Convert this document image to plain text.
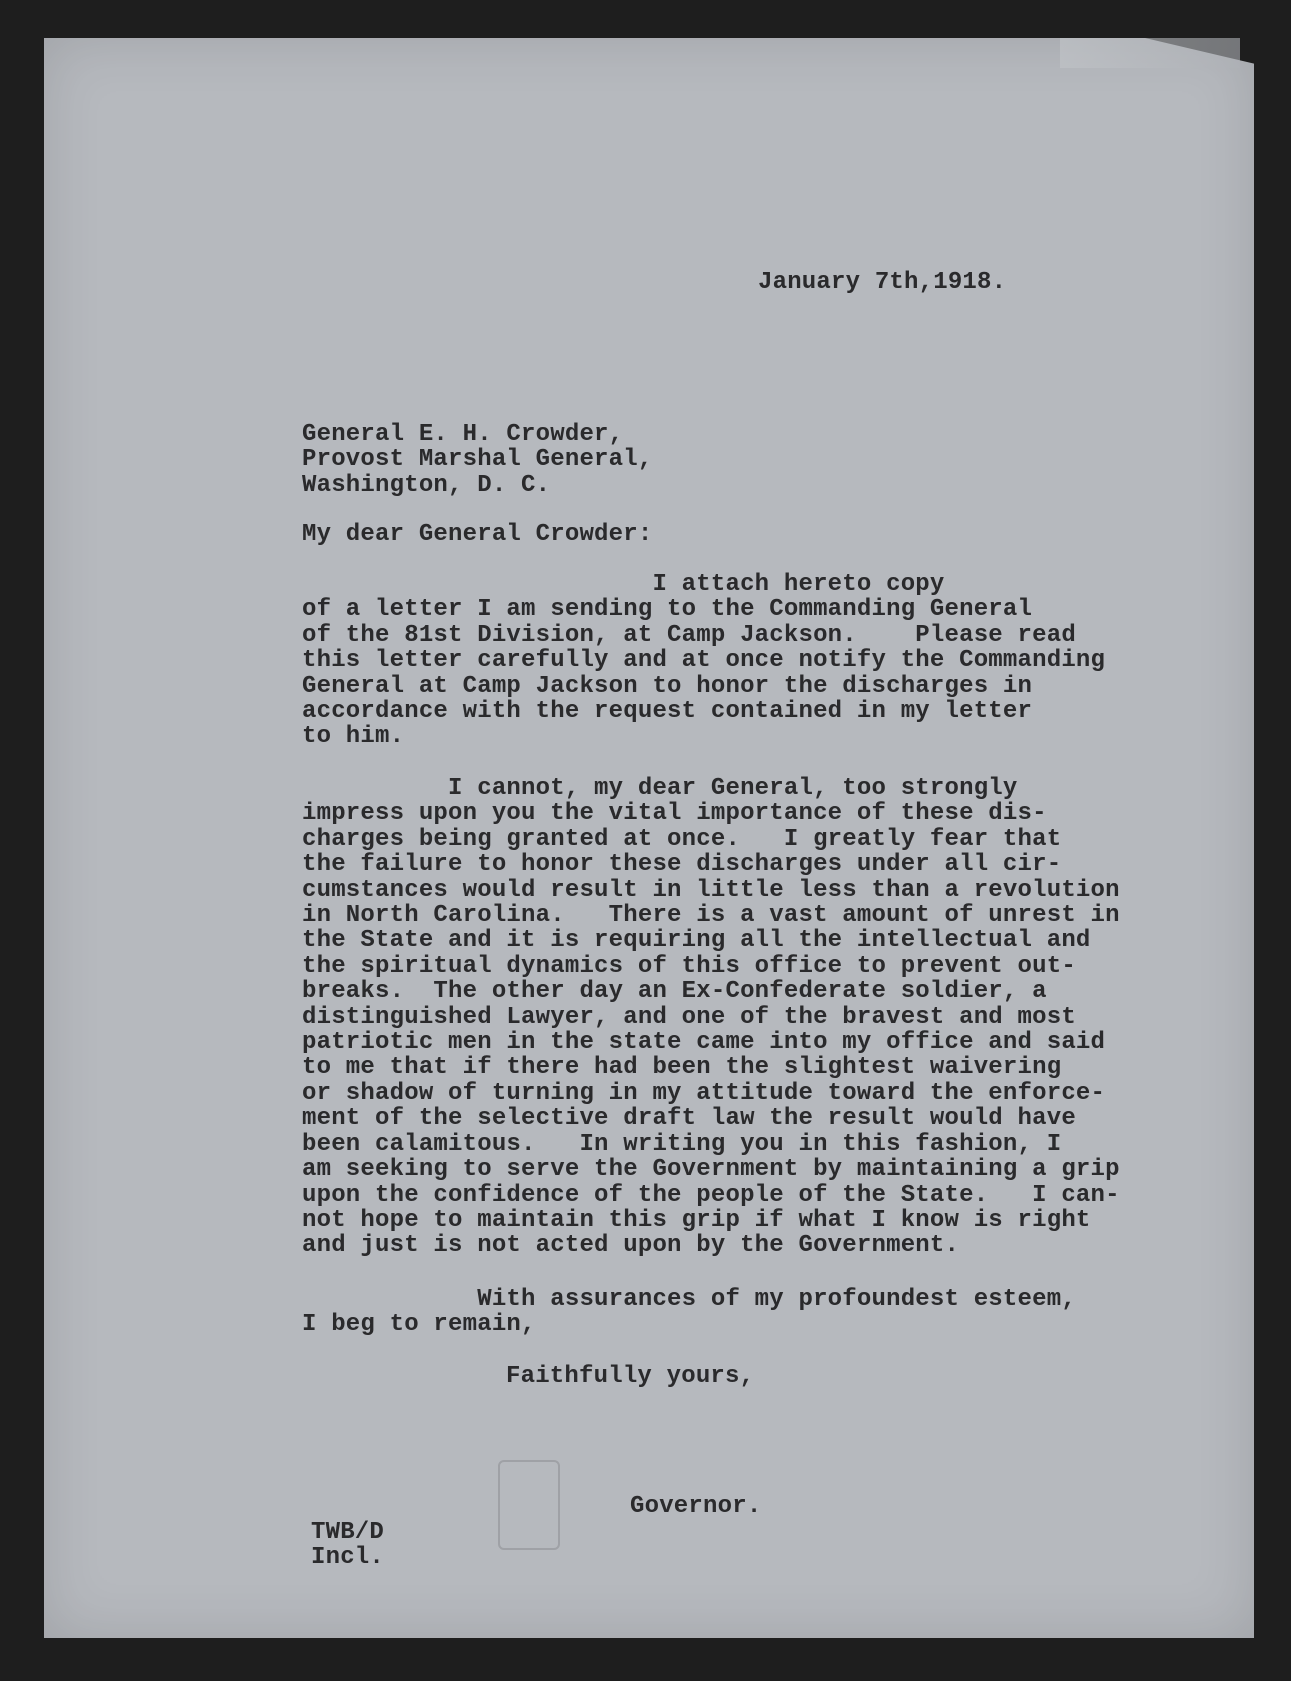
January 7th,1918.

General E. H. Crowder,
Provost Marshal General,
Washington, D. C.

My dear General Crowder:

I attach hereto copy
of a letter I am sending to the Commanding General
of the 81st Division, at Camp Jackson.    Please read
this letter carefully and at once notify the Commanding
General at Camp Jackson to honor the discharges in
accordance with the request contained in my letter
to him.

I cannot, my dear General, too strongly
impress upon you the vital importance of these dis-
charges being granted at once.   I greatly fear that
the failure to honor these discharges under all cir-
cumstances would result in little less than a revolution
in North Carolina.   There is a vast amount of unrest in
the State and it is requiring all the intellectual and
the spiritual dynamics of this office to prevent out-
breaks.  The other day an Ex-Confederate soldier, a
distinguished Lawyer, and one of the bravest and most
patriotic men in the state came into my office and said
to me that if there had been the slightest waivering
or shadow of turning in my attitude toward the enforce-
ment of the selective draft law the result would have
been calamitous.   In writing you in this fashion, I
am seeking to serve the Government by maintaining a grip
upon the confidence of the people of the State.   I can-
not hope to maintain this grip if what I know is right
and just is not acted upon by the Government.

With assurances of my profoundest esteem,
I beg to remain,

Faithfully yours,

Governor.

TWB/D
Incl.
